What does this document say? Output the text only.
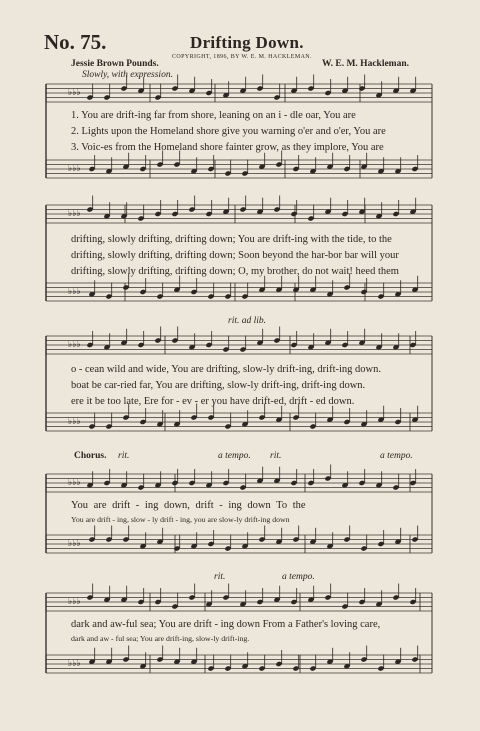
No. 75.	Drifting Down.
COPYRIGHT, 1896, BY W. E. M. HACKLEMAN.
Jessie Brown Pounds.	W. E. M. Hackleman.
Slowly, with expression.
♭♭♭
♭♭♭
♭♭♭
♭♭♭
♭♭♭
♭♭♭
♭♭♭
♭♭♭
♭♭♭
♭♭♭
1. You are drift-ing far from shore, leaning on an i - dle oar, You are
2. Lights upon the Homeland shore give you warning o'er and o'er, You are
3. Voic-es from the Homeland shore fainter grow, as they implore, You are
drifting, slowly drifting, drifting down; You are drift-ing with the tide, to the
drifting, slowly drifting, drifting down; Soon beyond the har-bor bar will your
drifting, slowly drifting, drifting down; O, my brother, do not wait! heed them
rit. ad lib.
o - cean wild and wide, You are drifting, slow-ly drift-ing, drift-ing down.
boat be car-ried far, You are drifting, slow-ly drift-ing, drift-ing down.
ere it be too late, Ere for - ev - er you have drift-ed, drift - ed down.
Chorus. rit.	a tempo. rit.	a tempo.
You are drift - ing down, drift - ing down To the
You are drift - ing, slow - ly drift - ing, you are slow-ly drift-ing down
rit.	a tempo.
dark and aw-ful sea; You are drift - ing down From a Father's loving care,
dark and aw - ful sea; You are drift-ing, slow-ly drift-ing.
